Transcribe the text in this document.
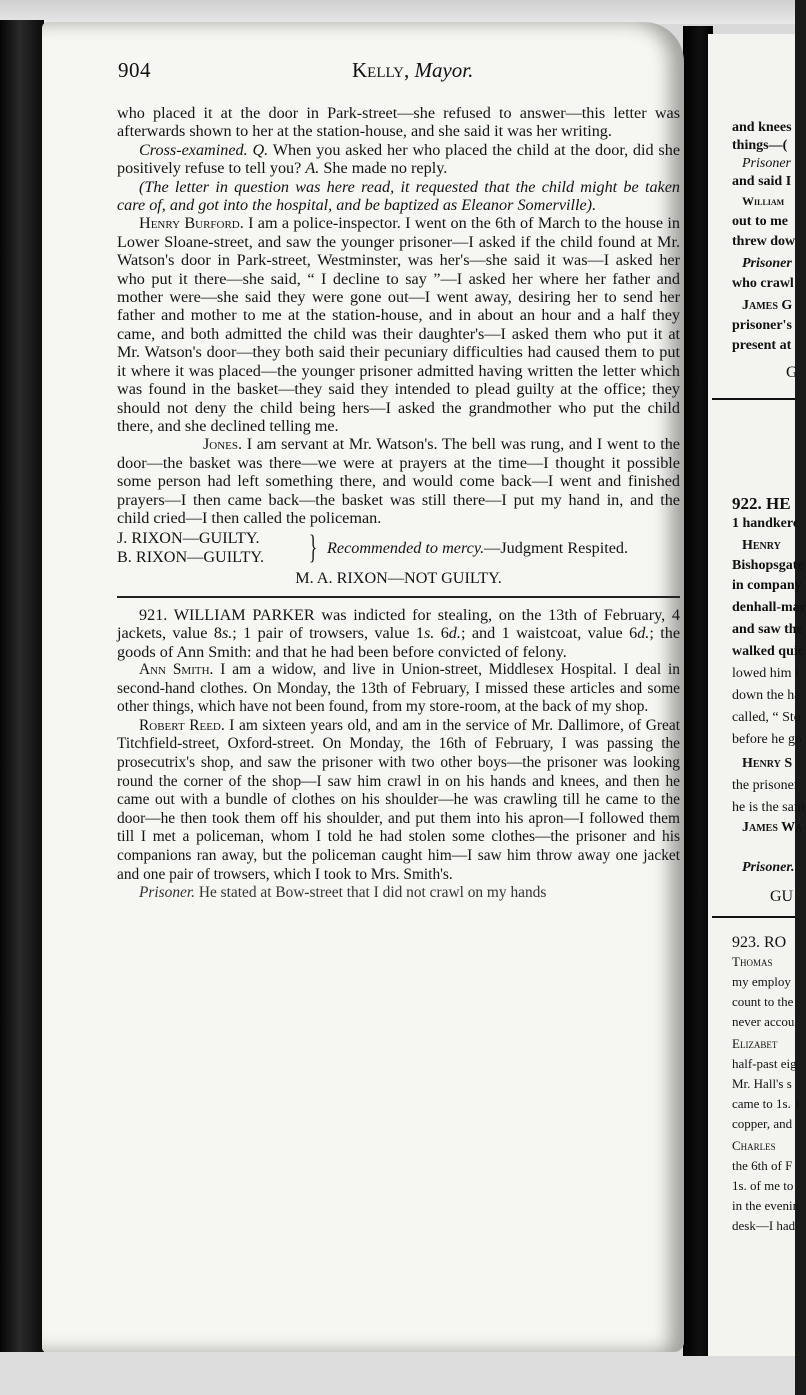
and knees
things—(
Prisoner
and said I
William
out to me
threw dow
Prisoner
who crawl
James G
prisoner's
present at
G
922. HE
1 handkerc
Henry
Bishopsgate
in company
denhall-mar
and saw the
walked quic
lowed him i
down the ha
called, “ Sto
before he go
Henry S
the prisoner
he is the sam
James Wa
Prisoner.
GU
923. RO
Thomas
my employ
count to the
never accou
Elizabet
half-past eig
Mr. Hall's s
came to 1s. 1
copper, and
Charles
the 6th of F
1s. of me to
in the evenin
desk—I had
904	Kelly, Mayor.

who placed it at the door in Park-street—she refused to answer—this letter was afterwards shown to her at the station-house, and she said it was her writing.

Cross-examined. Q. When you asked her who placed the child at the door, did she positively refuse to tell you? A. She made no reply.

(The letter in question was here read, it requested that the child might be taken care of, and got into the hospital, and be baptized as Eleanor Somerville).

Henry Burford. I am a police-inspector. I went on the 6th of March to the house in Lower Sloane-street, and saw the younger prisoner—I asked if the child found at Mr. Watson's door in Park-street, Westminster, was her's—she said it was—I asked her who put it there—she said, “ I decline to say ”—I asked her where her father and mother were—she said they were gone out—I went away, desiring her to send her father and mother to me at the station-house, and in about an hour and a half they came, and both admitted the child was their daughter's—I asked them who put it at Mr. Watson's door—they both said their pecuniary difficulties had caused them to put it where it was placed—the younger prisoner admitted having written the letter which was found in the basket—they said they intended to plead guilty at the office; they should not deny the child being hers—I asked the grandmother who put the child there, and she declined telling me.

Jones. I am servant at Mr. Watson's. The bell was rung, and I went to the door—the basket was there—we were at prayers at the time—I thought it possible some person had left something there, and would come back—I went and finished prayers—I then came back—the basket was still there—I put my hand in, and the child cried—I then called the policeman.

J. RIXON—GUILTY.
B. RIXON—GUILTY. } Recommended to mercy.—Judgment Respited.

M. A. RIXON—NOT GUILTY.

921. WILLIAM PARKER was indicted for stealing, on the 13th of February, 4 jackets, value 8s.; 1 pair of trowsers, value 1s. 6d.; and 1 waistcoat, value 6d.; the goods of Ann Smith: and that he had been before convicted of felony.

Ann Smith. I am a widow, and live in Union-street, Middlesex Hospital. I deal in second-hand clothes. On Monday, the 13th of February, I missed these articles and some other things, which have not been found, from my store-room, at the back of my shop.

Robert Reed. I am sixteen years old, and am in the service of Mr. Dallimore, of Great Titchfield-street, Oxford-street. On Monday, the 16th of February, I was passing the prosecutrix's shop, and saw the prisoner with two other boys—the prisoner was looking round the corner of the shop—I saw him crawl in on his hands and knees, and then he came out with a bundle of clothes on his shoulder—he was crawling till he came to the door—he then took them off his shoulder, and put them into his apron—I followed them till I met a policeman, whom I told he had stolen some clothes—the prisoner and his companions ran away, but the policeman caught him—I saw him throw away one jacket and one pair of trowsers, which I took to Mrs. Smith's.

Prisoner. He stated at Bow-street that I did not crawl on my hands
